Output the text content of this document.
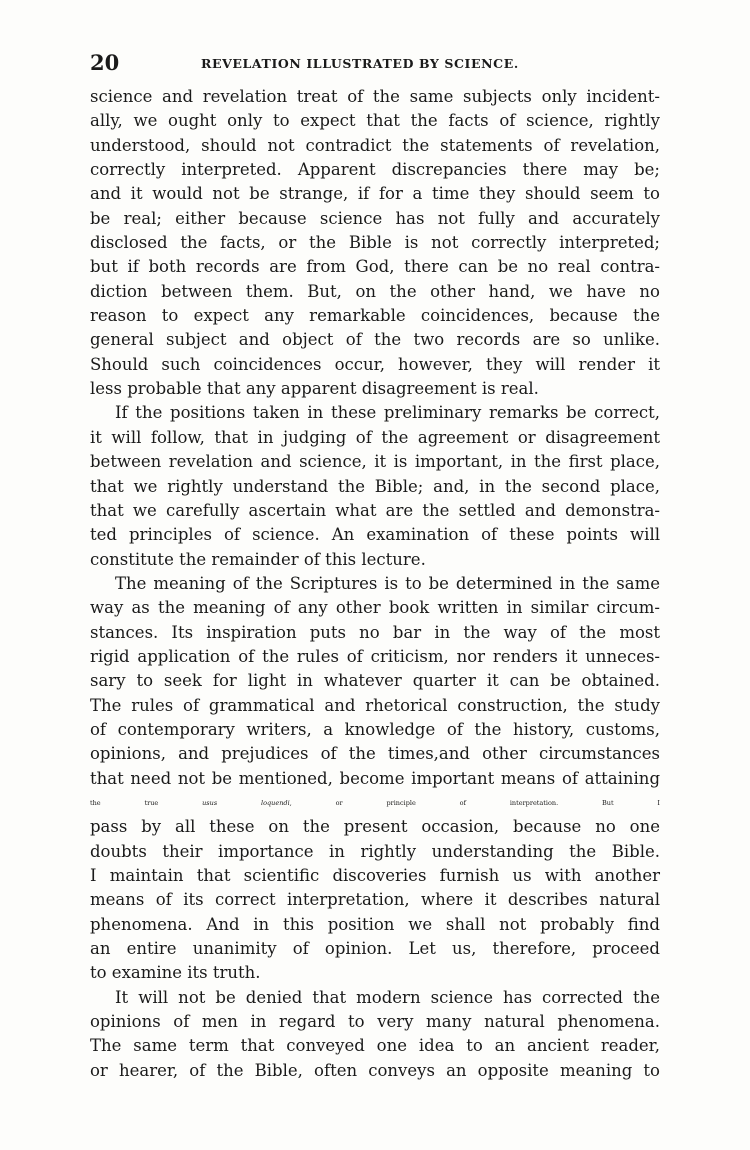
20	REVELATION ILLUSTRATED BY SCIENCE.
science and revelation treat of the same subjects only incident-
ally, we ought only to expect that the facts of science, rightly
understood, should not contradict the statements of revelation,
correctly interpreted. Apparent discrepancies there may be;
and it would not be strange, if for a time they should seem to
be real; either because science has not fully and accurately
disclosed the facts, or the Bible is not correctly interpreted;
but if both records are from God, there can be no real contra-
diction between them. But, on the other hand, we have no
reason to expect any remarkable coincidences, because the
general subject and object of the two records are so unlike.
Should such coincidences occur, however, they will render it
less probable that any apparent disagreement is real.
If the positions taken in these preliminary remarks be correct,
it will follow, that in judging of the agreement or disagreement
between revelation and science, it is important, in the first place,
that we rightly understand the Bible; and, in the second place,
that we carefully ascertain what are the settled and demonstra-
ted principles of science. An examination of these points will
constitute the remainder of this lecture.
The meaning of the Scriptures is to be determined in the same
way as the meaning of any other book written in similar circum-
stances. Its inspiration puts no bar in the way of the most
rigid application of the rules of criticism, nor renders it unneces-
sary to seek for light in whatever quarter it can be obtained.
The rules of grammatical and rhetorical construction, the study
of contemporary writers, a knowledge of the history, customs,
opinions, and prejudices of the times,and other circumstances
that need not be mentioned, become important means of attaining
the true usus loquendi, or principle of interpretation. But I
pass by all these on the present occasion, because no one
doubts their importance in rightly understanding the Bible.
I maintain that scientific discoveries furnish us with another
means of its correct interpretation, where it describes natural
phenomena. And in this position we shall not probably find
an entire unanimity of opinion. Let us, therefore, proceed
to examine its truth.
It will not be denied that modern science has corrected the
opinions of men in regard to very many natural phenomena.
The same term that conveyed one idea to an ancient reader,
or hearer, of the Bible, often conveys an opposite meaning to
